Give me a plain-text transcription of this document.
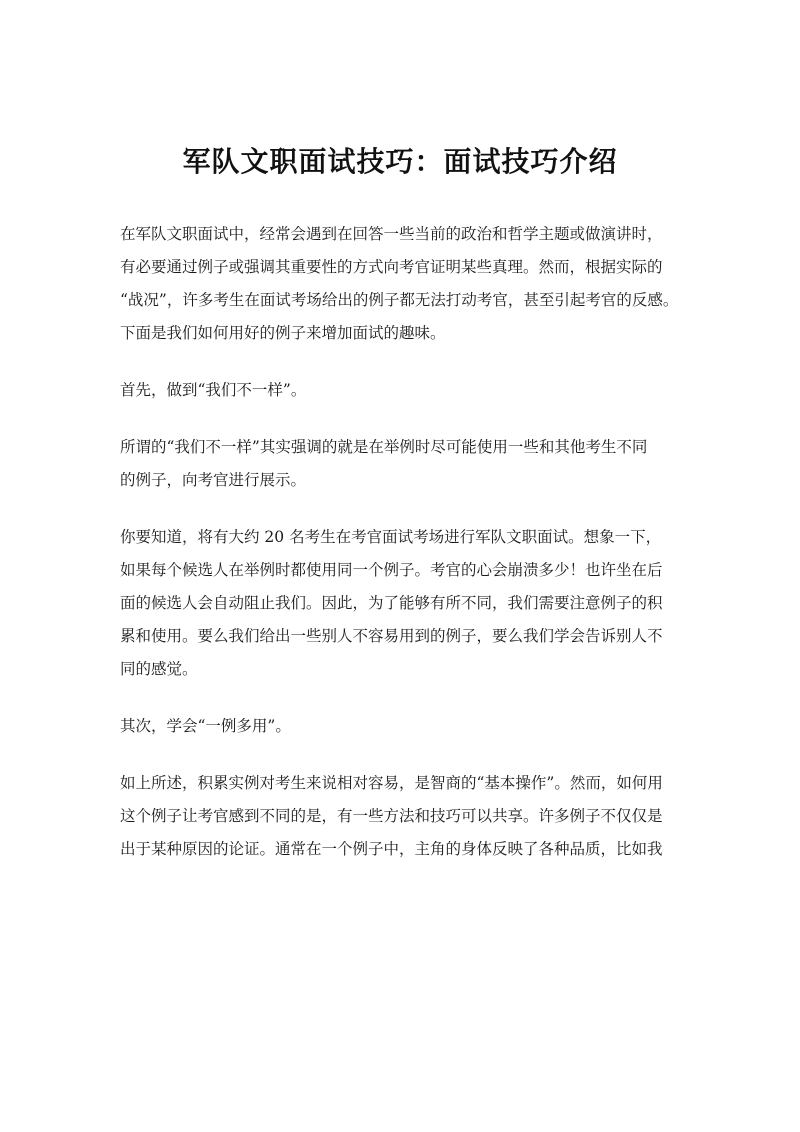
军队文职面试技巧：面试技巧介绍
在军队文职面试中，经常会遇到在回答一些当前的政治和哲学主题或做演讲时，
有必要通过例子或强调其重要性的方式向考官证明某些真理。然而，根据实际的
“战况”，许多考生在面试考场给出的例子都无法打动考官，甚至引起考官的反感。
下面是我们如何用好的例子来增加面试的趣味。
首先，做到“我们不一样”。
所谓的“我们不一样”其实强调的就是在举例时尽可能使用一些和其他考生不同
的例子，向考官进行展示。
你要知道，将有大约 20 名考生在考官面试考场进行军队文职面试。想象一下，
如果每个候选人在举例时都使用同一个例子。考官的心会崩溃多少！也许坐在后
面的候选人会自动阻止我们。因此，为了能够有所不同，我们需要注意例子的积
累和使用。要么我们给出一些别人不容易用到的例子，要么我们学会告诉别人不
同的感觉。
其次，学会“一例多用”。
如上所述，积累实例对考生来说相对容易，是智商的“基本操作”。然而，如何用
这个例子让考官感到不同的是，有一些方法和技巧可以共享。许多例子不仅仅是
出于某种原因的论证。通常在一个例子中，主角的身体反映了各种品质，比如我
